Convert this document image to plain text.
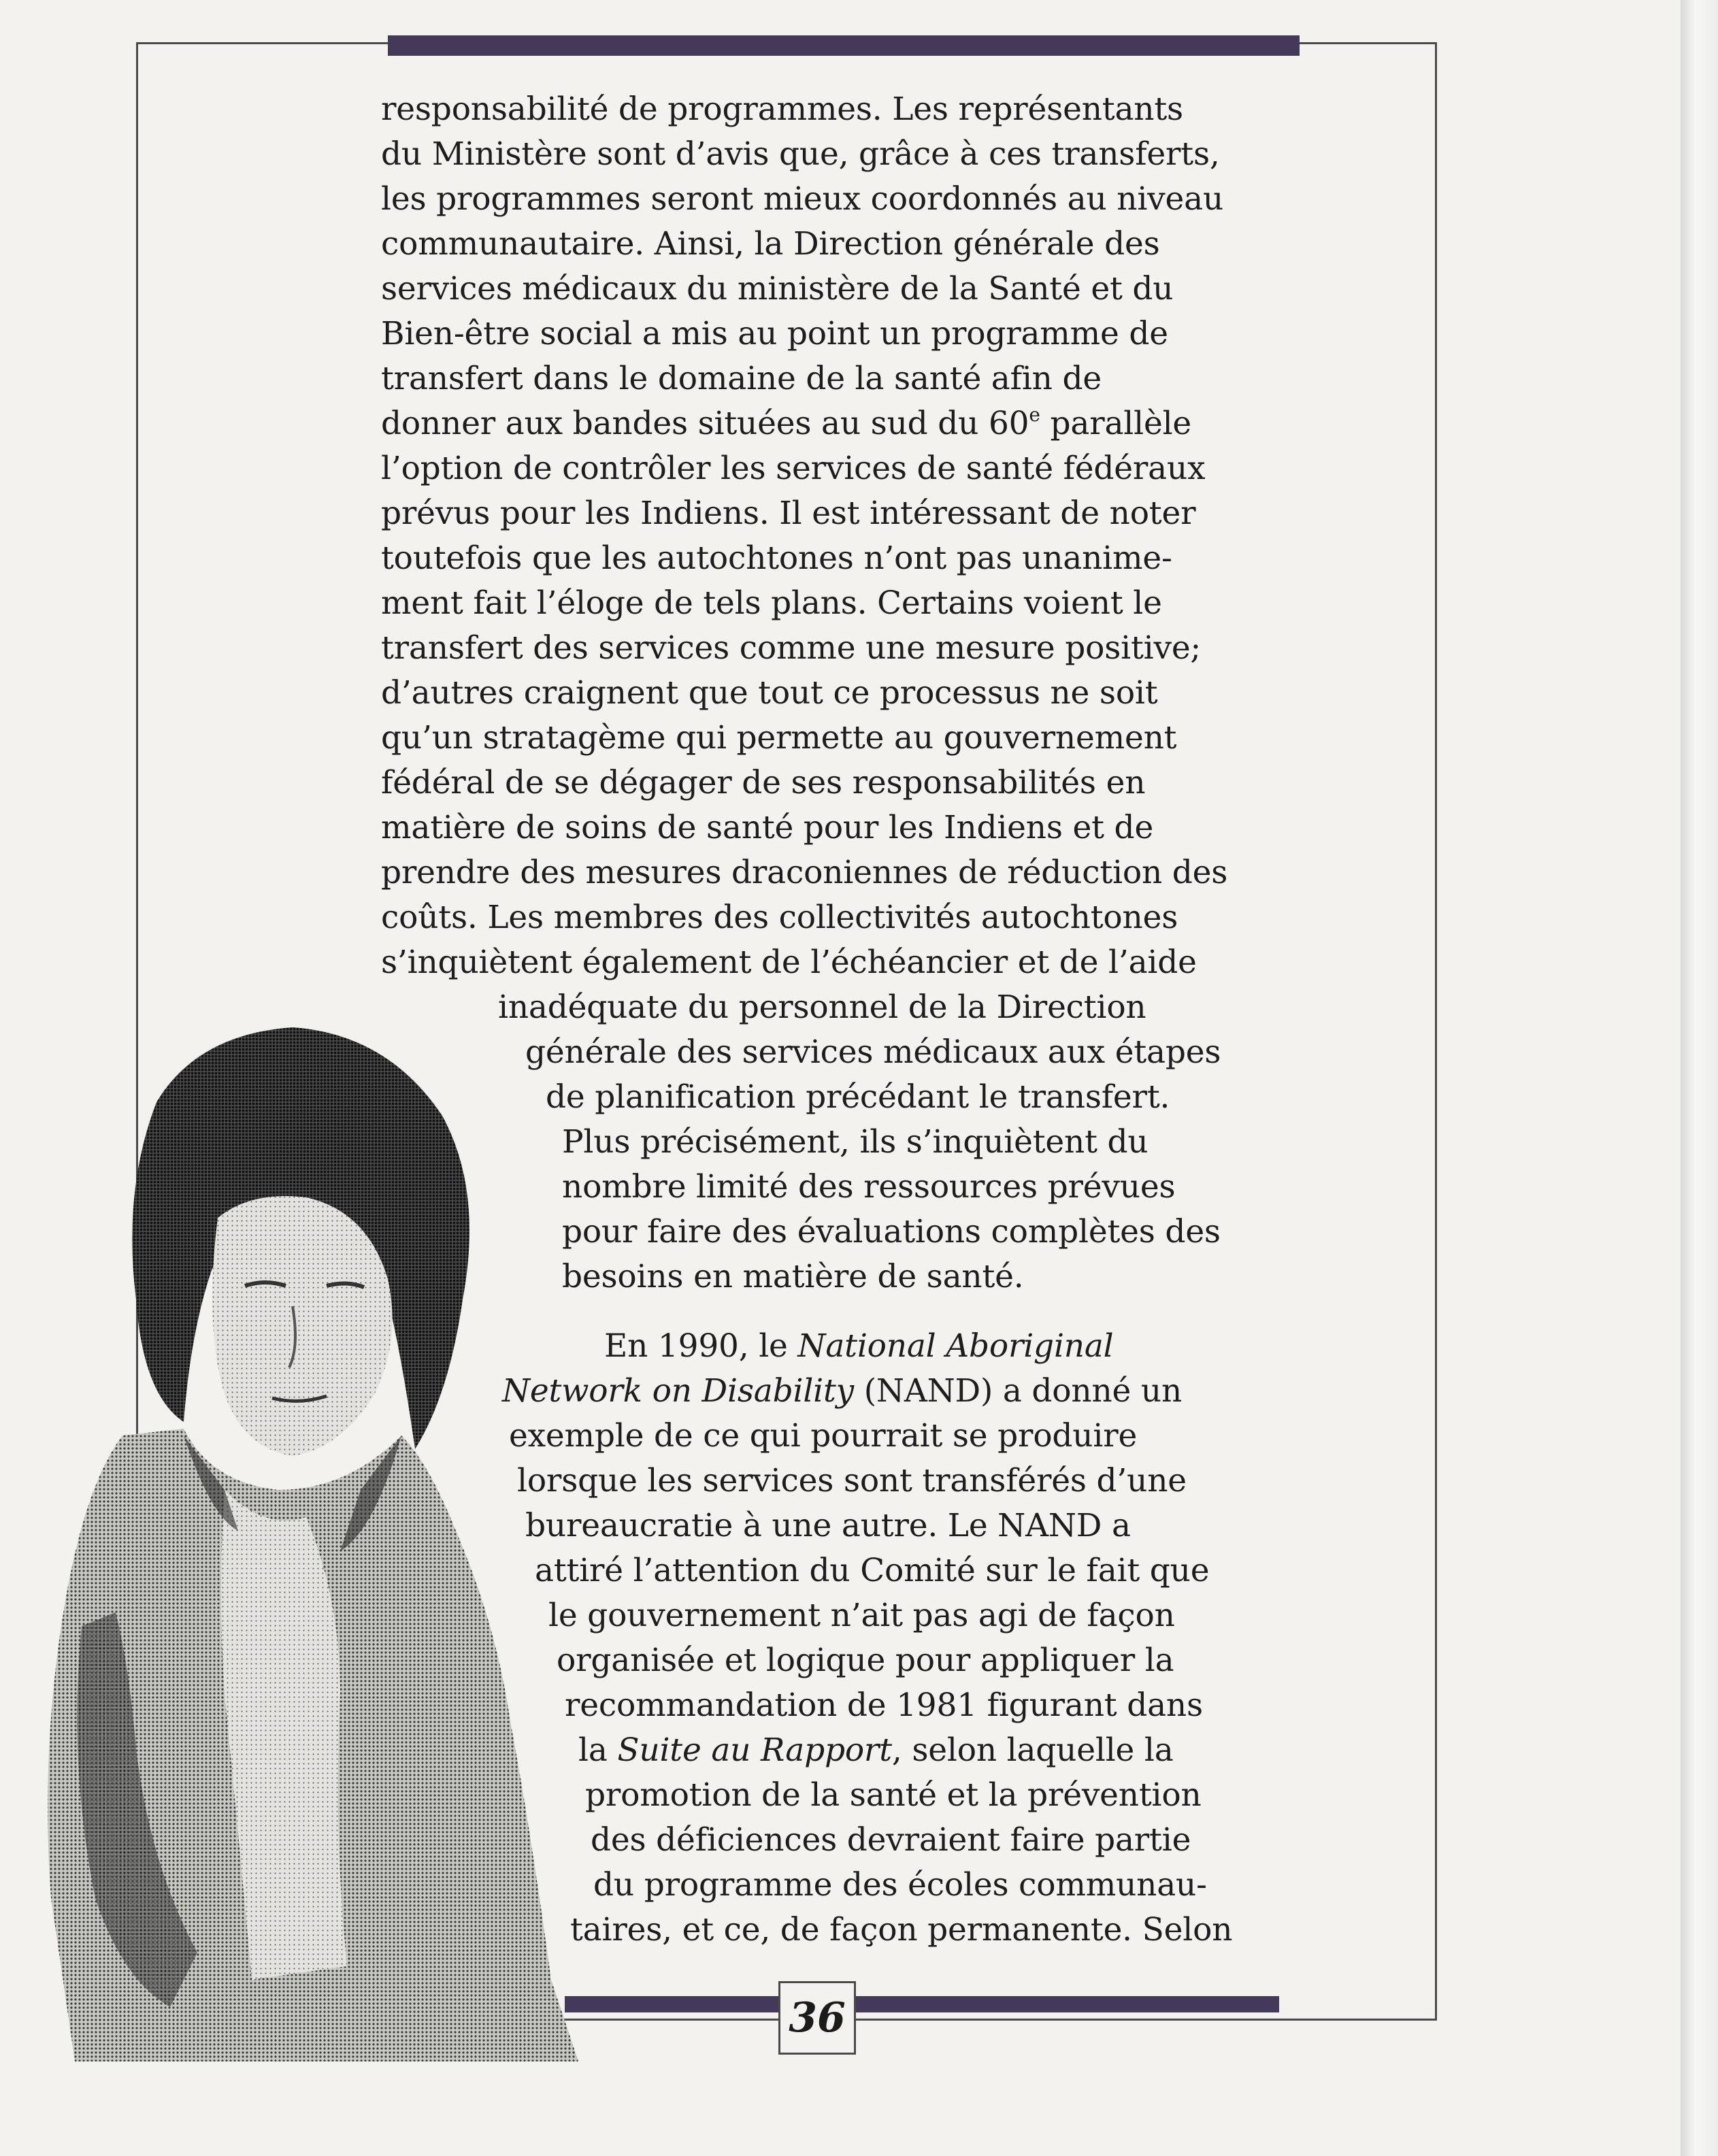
responsabilité de programmes. Les représentants
du Ministère sont d’avis que, grâce à ces transferts,
les programmes seront mieux coordonnés au niveau
communautaire. Ainsi, la Direction générale des
services médicaux du ministère de la Santé et du
Bien-être social a mis au point un programme de
transfert dans le domaine de la santé afin de
donner aux bandes situées au sud du 60e parallèle
l’option de contrôler les services de santé fédéraux
prévus pour les Indiens. Il est intéressant de noter
toutefois que les autochtones n’ont pas unanime-
ment fait l’éloge de tels plans. Certains voient le
transfert des services comme une mesure positive;
d’autres craignent que tout ce processus ne soit
qu’un stratagème qui permette au gouvernement
fédéral de se dégager de ses responsabilités en
matière de soins de santé pour les Indiens et de
prendre des mesures draconiennes de réduction des
coûts. Les membres des collectivités autochtones
s’inquiètent également de l’échéancier et de l’aide
inadéquate du personnel de la Direction
générale des services médicaux aux étapes
de planification précédant le transfert.
Plus précisément, ils s’inquiètent du
nombre limité des ressources prévues
pour faire des évaluations complètes des
besoins en matière de santé.
En 1990, le National Aboriginal
Network on Disability (NAND) a donné un
exemple de ce qui pourrait se produire
lorsque les services sont transférés d’une
bureaucratie à une autre. Le NAND a
attiré l’attention du Comité sur le fait que
le gouvernement n’ait pas agi de façon
organisée et logique pour appliquer la
recommandation de 1981 figurant dans
la Suite au Rapport, selon laquelle la
promotion de la santé et la prévention
des déficiences devraient faire partie
du programme des écoles communau-
taires, et ce, de façon permanente. Selon
36
